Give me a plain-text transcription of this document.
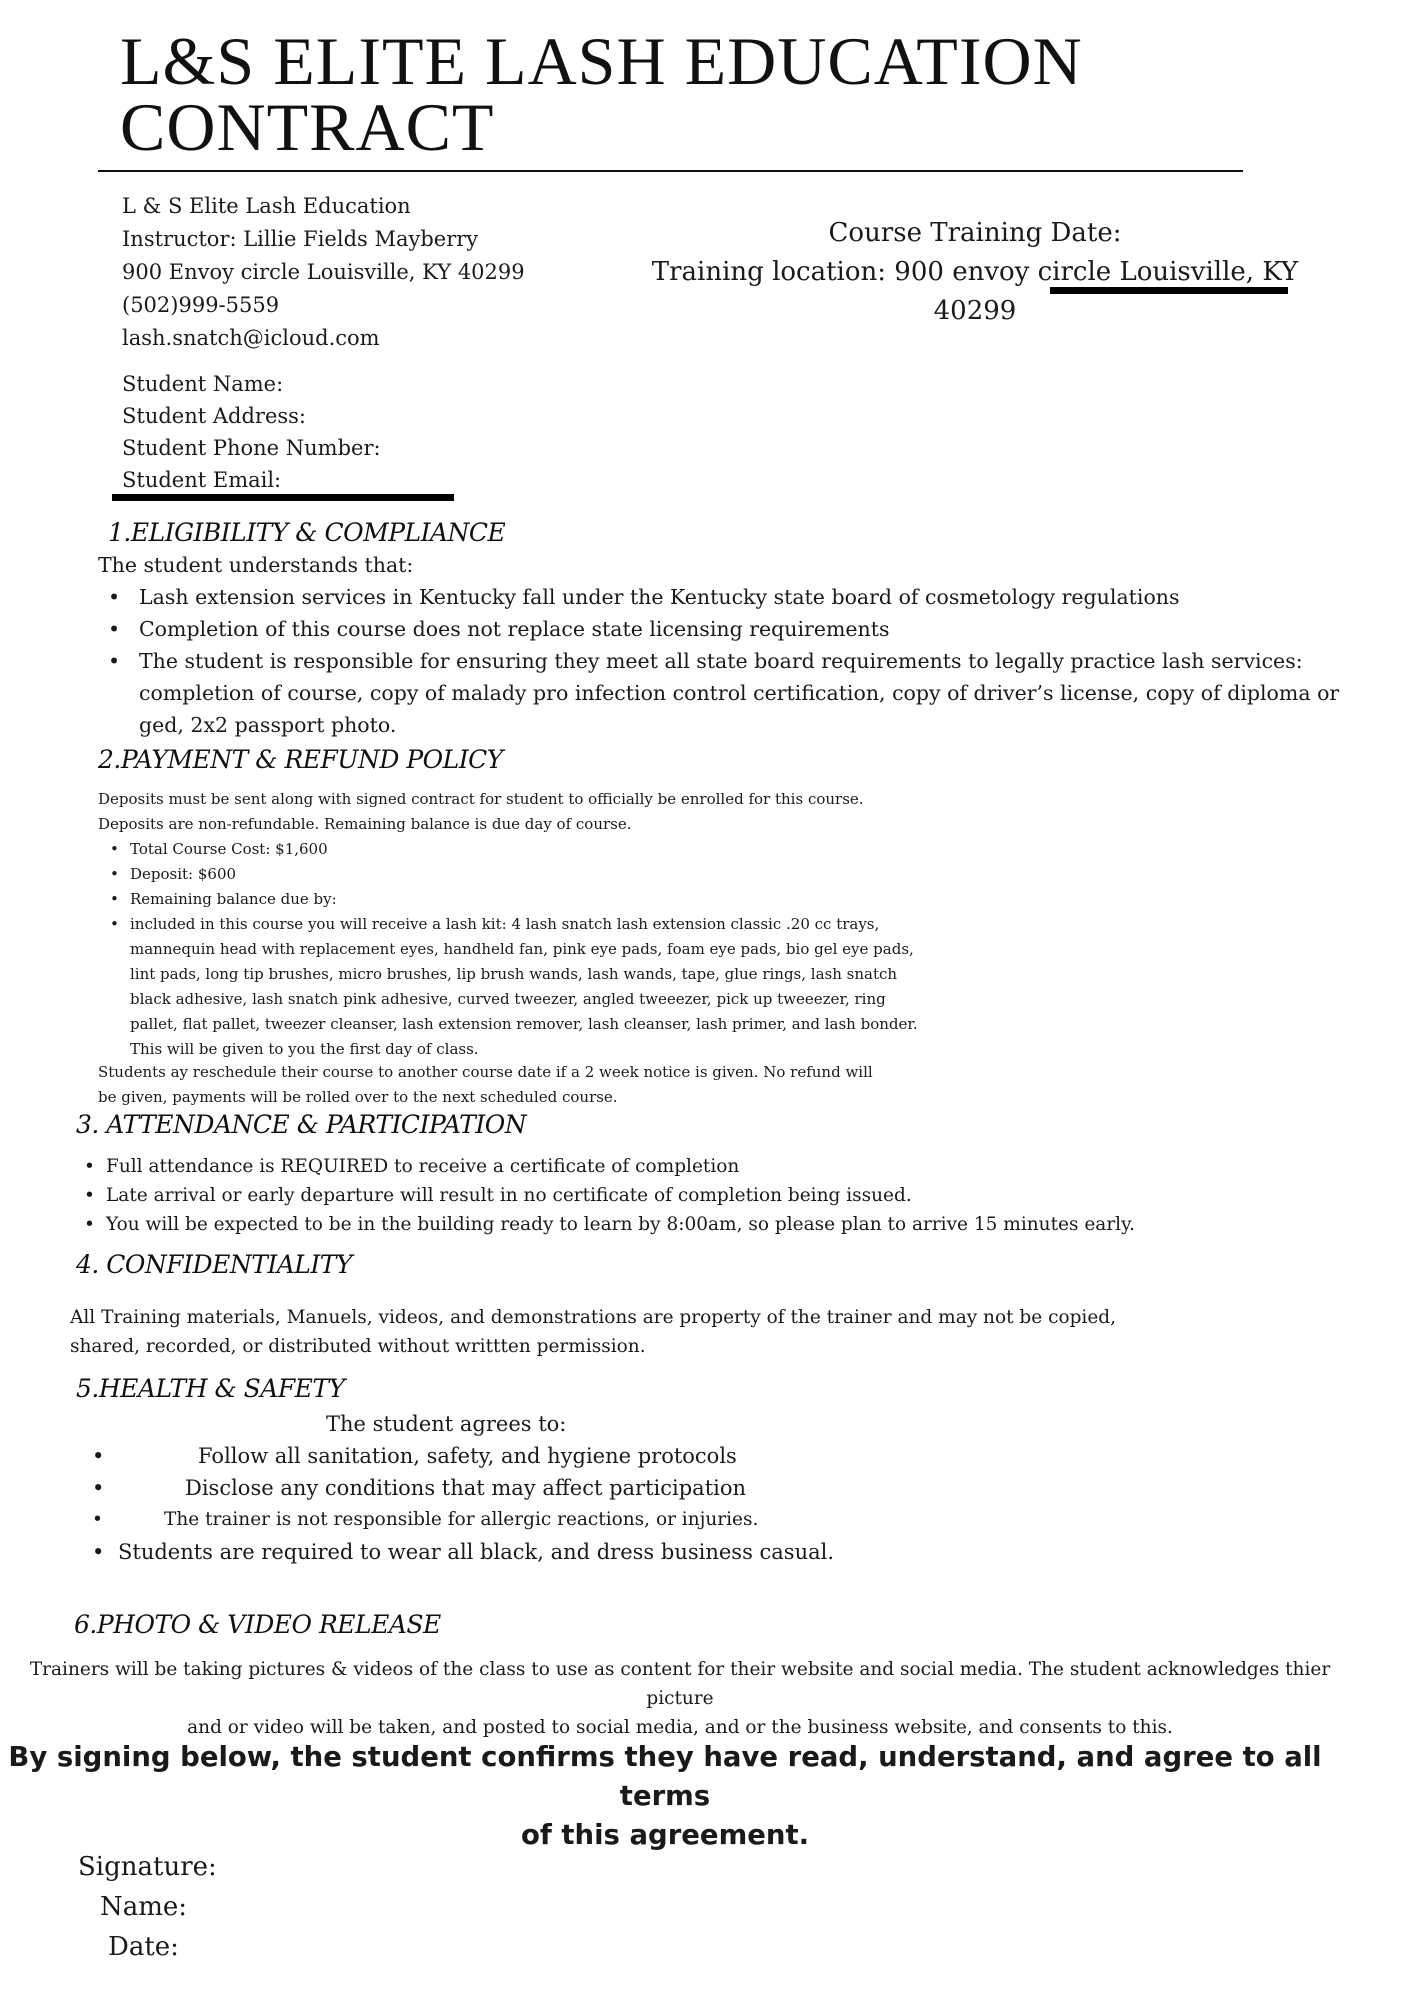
L&S ELITE LASH EDUCATION
CONTRACT
L & S Elite Lash Education
Instructor: Lillie Fields Mayberry
900 Envoy circle Louisville, KY 40299
(502)999-5559
lash.snatch@icloud.com
Course Training Date:
Training location: 900 envoy circle Louisville, KY 40299
Student Name:
Student Address:
Student Phone Number:
Student Email:
1.ELIGIBILITY & COMPLIANCE
The student understands that:
• Lash extension services in Kentucky fall under the Kentucky state board of cosmetology regulations
• Completion of this course does not replace state licensing requirements
• The student is responsible for ensuring they meet all state board requirements to legally practice lash services: completion of course, copy of malady pro infection control certification, copy of driver’s license, copy of diploma or ged, 2x2 passport photo.
2.PAYMENT & REFUND POLICY
Deposits must be sent along with signed contract for student to officially be enrolled for this course.
Deposits are non-refundable. Remaining balance is due day of course.
• Total Course Cost: $1,600
• Deposit: $600
• Remaining balance due by:
• included in this course you will receive a lash kit: 4 lash snatch lash extension classic .20 cc trays, mannequin head with replacement eyes, handheld fan, pink eye pads, foam eye pads, bio gel eye pads, lint pads, long tip brushes, micro brushes, lip brush wands, lash wands, tape, glue rings, lash snatch black adhesive, lash snatch pink adhesive, curved tweezer, angled tweeezer, pick up tweeezer, ring pallet, flat pallet, tweezer cleanser, lash extension remover, lash cleanser, lash primer, and lash bonder. This will be given to you the first day of class.
Students ay reschedule their course to another course date if a 2 week notice is given. No refund will
be given, payments will be rolled over to the next scheduled course.
3. ATTENDANCE & PARTICIPATION
• Full attendance is REQUIRED to receive a certificate of completion
• Late arrival or early departure will result in no certificate of completion being issued.
• You will be expected to be in the building ready to learn by 8:00am, so please plan to arrive 15 minutes early.
4. CONFIDENTIALITY
All Training materials, Manuels, videos, and demonstrations are property of the trainer and may not be copied,
shared, recorded, or distributed without writtten permission.
5.HEALTH & SAFETY
The student agrees to:
• Follow all sanitation, safety, and hygiene protocols
• Disclose any conditions that may affect participation
• The trainer is not responsible for allergic reactions, or injuries.
• Students are required to wear all black, and dress business casual.
6.PHOTO & VIDEO RELEASE
Trainers will be taking pictures & videos of the class to use as content for their website and social media. The student acknowledges thier picture
and or video will be taken, and posted to social media, and or the business website, and consents to this.
By signing below, the student confirms they have read, understand, and agree to all terms
of this agreement.
Signature:
Name:
Date:
